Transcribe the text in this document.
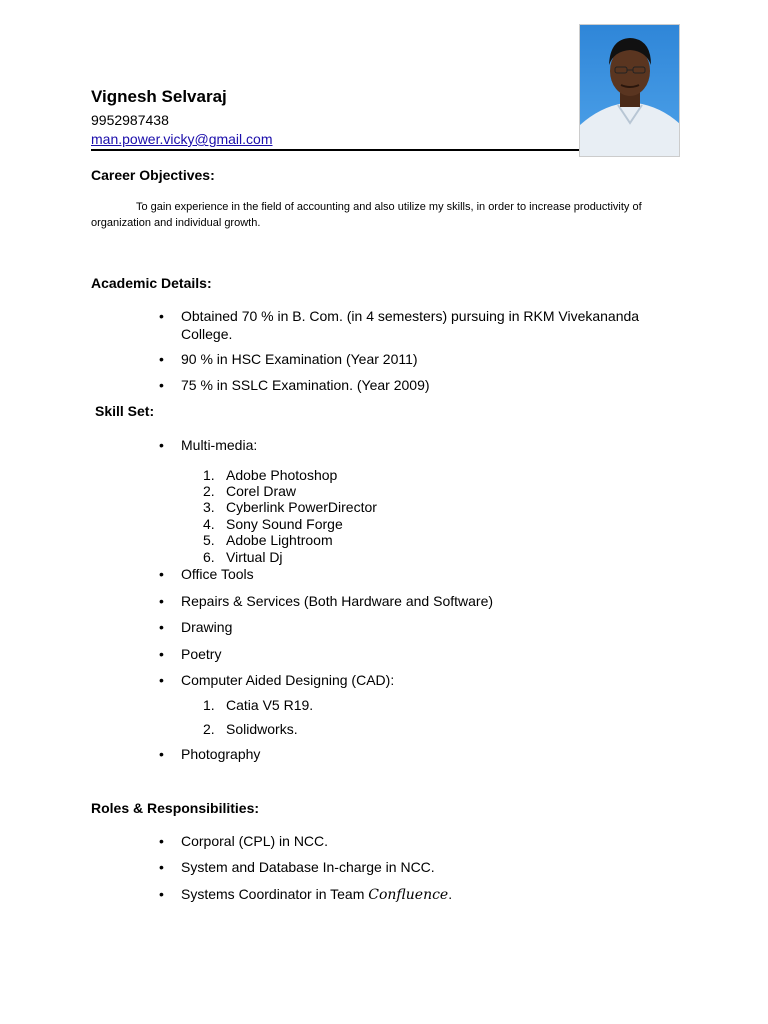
Vignesh Selvaraj
9952987438
man.power.vicky@gmail.com
Career Objectives:
To gain experience in the field of accounting and also utilize my skills, in order to increase productivity of organization and individual growth.
Academic Details:
• Obtained 70 % in B. Com. (in 4 semesters) pursuing in RKM Vivekananda College.
• 90 % in HSC Examination (Year 2011)
• 75 % in SSLC Examination. (Year 2009)
Skill Set:
• Multi-media:
1. Adobe Photoshop
2. Corel Draw
3. Cyberlink PowerDirector
4. Sony Sound Forge
5. Adobe Lightroom
6. Virtual Dj
• Office Tools
• Repairs & Services (Both Hardware and Software)
• Drawing
• Poetry
• Computer Aided Designing (CAD):
1. Catia V5 R19.
2. Solidworks.
• Photography
Roles & Responsibilities:
• Corporal (CPL) in NCC.
• System and Database In-charge in NCC.
• Systems Coordinator in Team Confluence.
